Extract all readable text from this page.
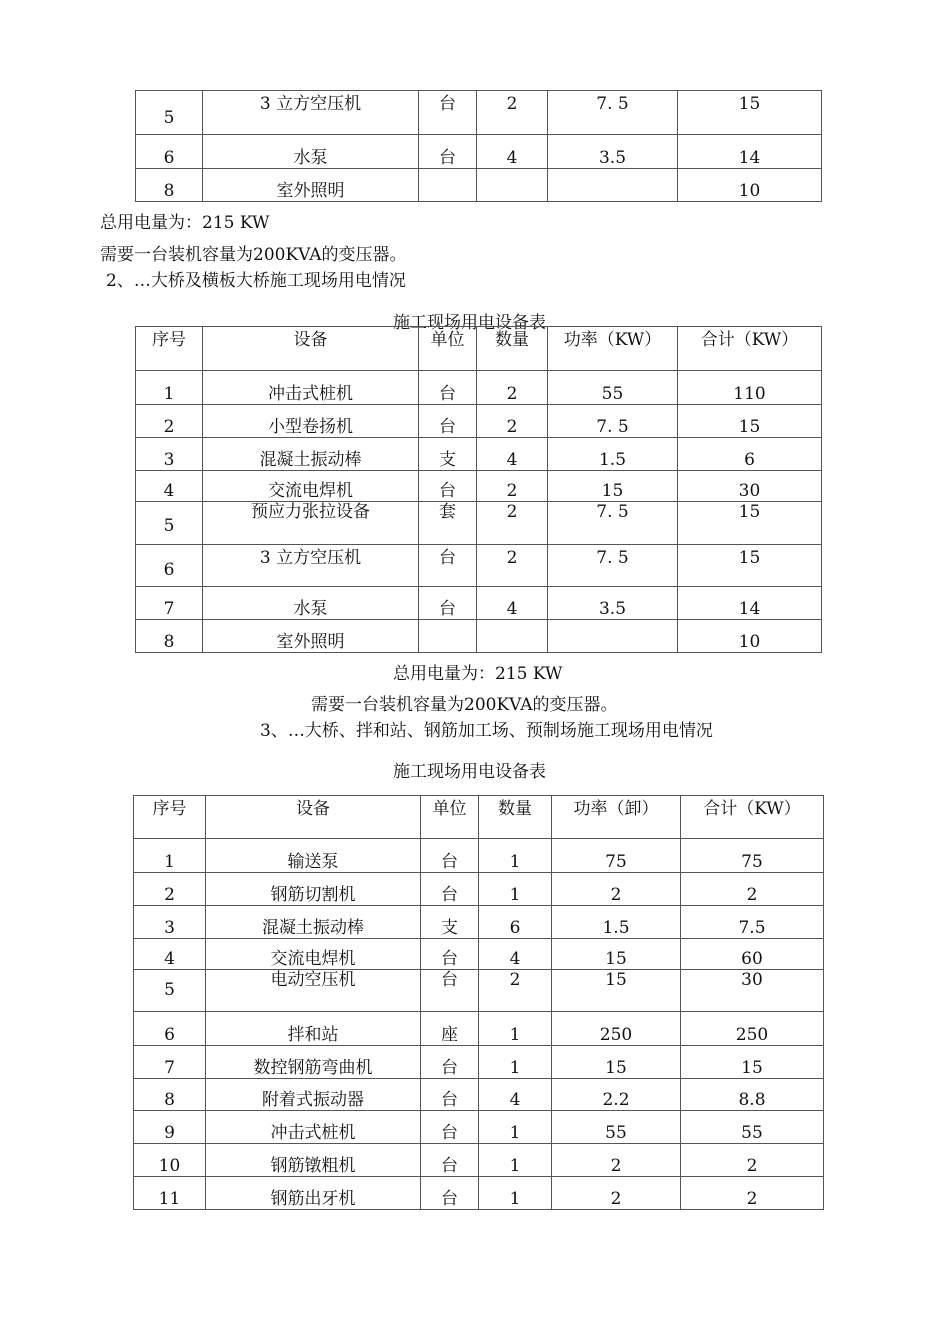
5	3 立方空压机	台	2	7. 5	15
6	水泵	台	4	3.5	14
8	室外照明				10
总用电量为：215 KW
需要一台装机容量为200KVA的变压器。
2、…大桥及横板大桥施工现场用电情况
施工现场用电设备表
序号	设备	单位	数量	功率（KW）	合计（KW）
1	冲击式桩机	台	2	55	110
2	小型卷扬机	台	2	7. 5	15
3	混凝土振动棒	支	4	1.5	6
4	交流电焊机	台	2	15	30
5	预应力张拉设备	套	2	7. 5	15
6	3 立方空压机	台	2	7. 5	15
7	水泵	台	4	3.5	14
8	室外照明				10
总用电量为：215 KW
需要一台装机容量为200KVA的变压器。
3、…大桥、拌和站、钢筋加工场、预制场施工现场用电情况
施工现场用电设备表
序号	设备	单位	数量	功率（卸）	合计（KW）
1	输送泵	台	1	75	75
2	钢筋切割机	台	1	2	2
3	混凝土振动棒	支	6	1.5	7.5
4	交流电焊机	台	4	15	60
5	电动空压机	台	2	15	30
6	拌和站	座	1	250	250
7	数控钢筋弯曲机	台	1	15	15
8	附着式振动器	台	4	2.2	8.8
9	冲击式桩机	台	1	55	55
10	钢筋镦粗机	台	1	2	2
11	钢筋出牙机	台	1	2	2
